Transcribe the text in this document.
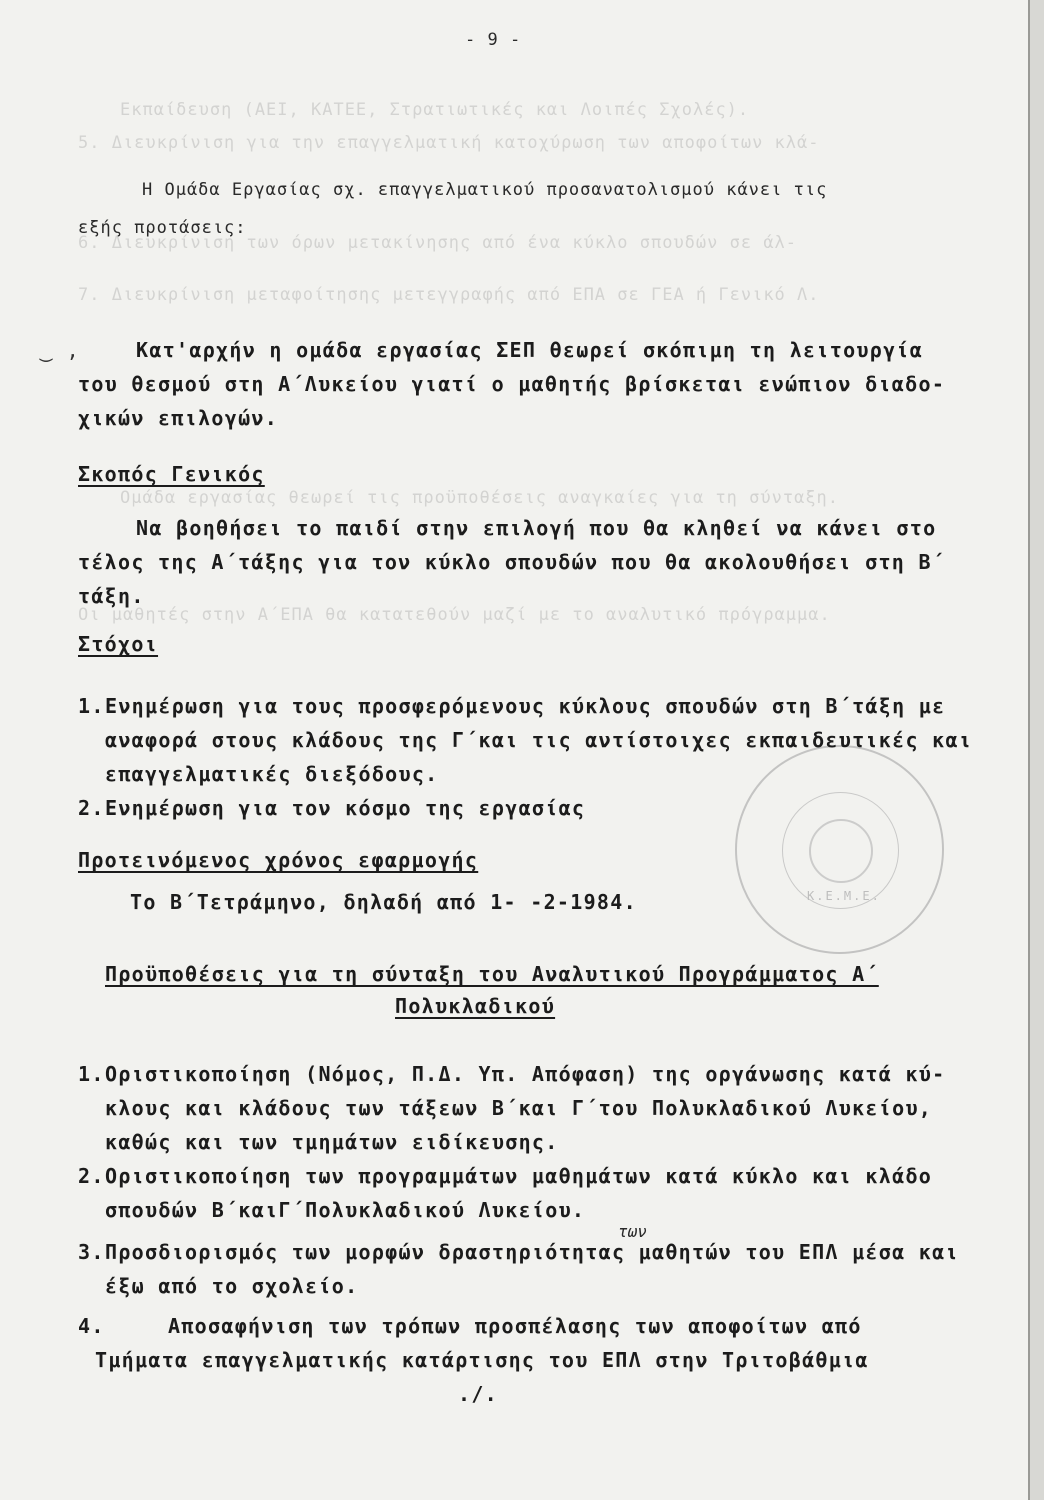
Εκπαίδευση (ΑΕΙ, ΚΑΤΕΕ, Στρατιωτικές και Λοιπές Σχολές).
5. Διευκρίνιση για την επαγγελματική κατοχύρωση των αποφοίτων κλά-
6. Διευκρίνιση των όρων μετακίνησης από ένα κύκλο σπουδών σε άλ-
7. Διευκρίνιση μεταφοίτησης μετεγγραφής από ΕΠΑ σε ΓΕΑ ή Γενικό Λ.
Ομάδα εργασίας θεωρεί τις προϋποθέσεις αναγκαίες για τη σύνταξη.
Οι μαθητές στην Α΄ΕΠΑ θα κατατεθούν μαζί με το αναλυτικό πρόγραμμα.
K.E.M.E.
- 9 -
Η Ομάδα Εργασίας σχ. επαγγελματικού προσανατολισμού κάνει τις
εξής προτάσεις:
‿ ,	Κατ'αρχήν η ομάδα εργασίας ΣΕΠ θεωρεί σκόπιμη τη λειτουργία
του θεσμού στη Α΄Λυκείου γιατί ο μαθητής βρίσκεται ενώπιον διαδο-
χικών επιλογών.
Σκοπός Γενικός
Να βοηθήσει το παιδί στην επιλογή που θα κληθεί να κάνει στο
τέλος της Α΄τάξης για τον κύκλο σπουδών που θα ακολουθήσει στη Β΄
τάξη.
Στόχοι
1. Ενημέρωση για τους προσφερόμενους κύκλους σπουδών στη Β΄τάξη με
αναφορά στους κλάδους της Γ΄και τις αντίστοιχες εκπαιδευτικές και
επαγγελματικές διεξόδους.
2. Ενημέρωση για τον κόσμο της εργασίας
Προτεινόμενος χρόνος εφαρμογής
Το Β΄Τετράμηνο, δηλαδή από 1- -2-1984.
Προϋποθέσεις για τη σύνταξη του Αναλυτικού Προγράμματος Α΄
Πολυκλαδικού
1. Οριστικοποίηση (Νόμος, Π.Δ. Υπ. Απόφαση) της οργάνωσης κατά κύ-
κλους και κλάδους των τάξεων Β΄και Γ΄του Πολυκλαδικού Λυκείου,
καθώς και των τμημάτων ειδίκευσης.
2. Οριστικοποίηση των προγραμμάτων μαθημάτων κατά κύκλο και κλάδο
σπουδών Β΄καιΓ΄Πολυκλαδικού Λυκείου.
των
3. Προσδιορισμός των μορφών δραστηριότητας μαθητών του ΕΠΛ μέσα και
έξω από το σχολείο.
4.	Αποσαφήνιση των τρόπων προσπέλασης των αποφοίτων από
Τμήματα επαγγελματικής κατάρτισης του ΕΠΛ στην Τριτοβάθμια
./.
